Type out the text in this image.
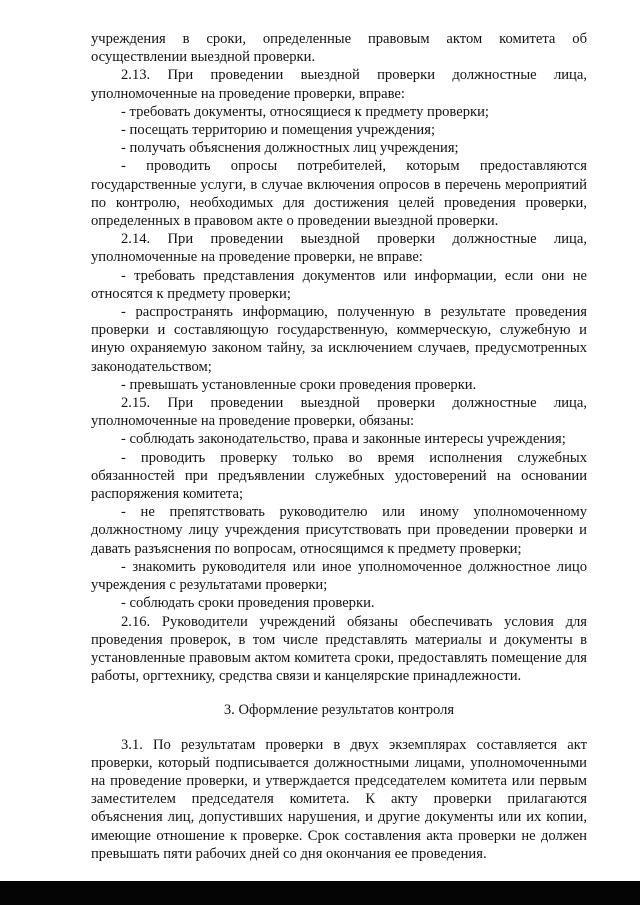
учреждения в сроки, определенные правовым актом комитета об осуществлении выездной проверки.

2.13. При проведении выездной проверки должностные лица, уполномоченные на проведение проверки, вправе:

- требовать документы, относящиеся к предмету проверки;

- посещать территорию и помещения учреждения;

- получать объяснения должностных лиц учреждения;

- проводить опросы потребителей, которым предоставляются государственные услуги, в случае включения опросов в перечень мероприятий по контролю, необходимых для достижения целей проведения проверки, определенных в правовом акте о проведении выездной проверки.

2.14. При проведении выездной проверки должностные лица, уполномоченные на проведение проверки, не вправе:

- требовать представления документов или информации, если они не относятся к предмету проверки;

- распространять информацию, полученную в результате проведения проверки и составляющую государственную, коммерческую, служебную и иную охраняемую законом тайну, за исключением случаев, предусмотренных законодательством;

- превышать установленные сроки проведения проверки.

2.15. При проведении выездной проверки должностные лица, уполномоченные на проведение проверки, обязаны:

- соблюдать законодательство, права и законные интересы учреждения;

- проводить проверку только во время исполнения служебных обязанностей при предъявлении служебных удостоверений на основании распоряжения комитета;

- не препятствовать руководителю или иному уполномоченному должностному лицу учреждения присутствовать при проведении проверки и давать разъяснения по вопросам, относящимся к предмету проверки;

- знакомить руководителя или иное уполномоченное должностное лицо учреждения с результатами проверки;

- соблюдать сроки проведения проверки.

2.16. Руководители учреждений обязаны обеспечивать условия для проведения проверок, в том числе представлять материалы и документы в установленные правовым актом комитета сроки, предоставлять помещение для работы, оргтехнику, средства связи и канцелярские принадлежности.

3. Оформление результатов контроля

3.1. По результатам проверки в двух экземплярах составляется акт проверки, который подписывается должностными лицами, уполномоченными на проведение проверки, и утверждается председателем комитета или первым заместителем председателя комитета. К акту проверки прилагаются объяснения лиц, допустивших нарушения, и другие документы или их копии, имеющие отношение к проверке. Срок составления акта проверки не должен превышать пяти рабочих дней со дня окончания ее проведения.
